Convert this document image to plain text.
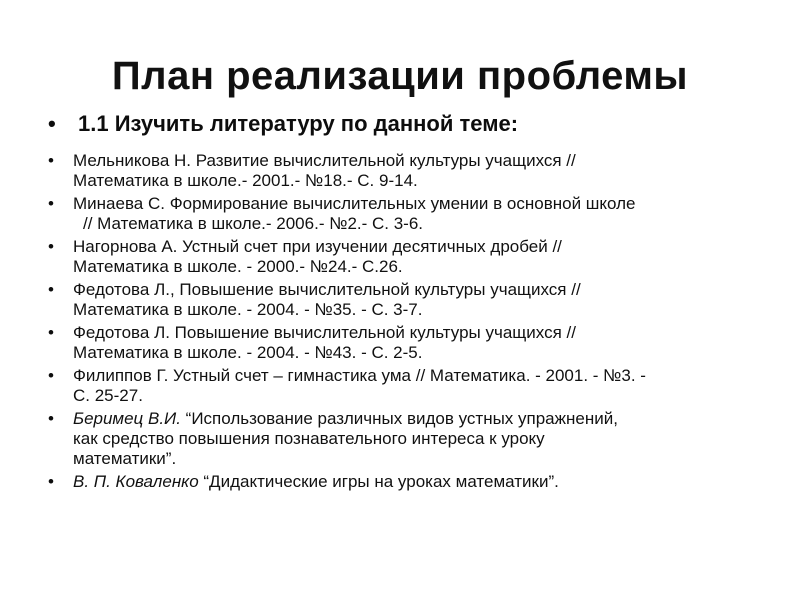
План реализации проблемы
•	1.1 Изучить литературу по данной теме:
•	Мельникова Н. Развитие вычислительной культуры учащихся //
Математика в школе.- 2001.- №18.- С. 9-14.
•	Минаева С. Формирование вычислительных умении в основной школе
// Математика в школе.- 2006.- №2.- С. 3-6.
•	Нагорнова А. Устный счет при изучении десятичных дробей //
Математика в школе. - 2000.- №24.- С.26.
•	Федотова Л., Повышение вычислительной культуры учащихся //
Математика в школе. - 2004. - №35. - С. 3-7.
•	Федотова Л. Повышение вычислительной культуры учащихся //
Математика в школе. - 2004. - №43. - С. 2-5.
•	Филиппов Г. Устный счет – гимнастика ума // Математика. - 2001. - №3. -
С. 25-27.
•	Беримец В.И. “Использование различных видов устных упражнений,
как средство повышения познавательного интереса к уроку
математики”.
•	В. П. Коваленко “Дидактические игры на уроках математики”.
